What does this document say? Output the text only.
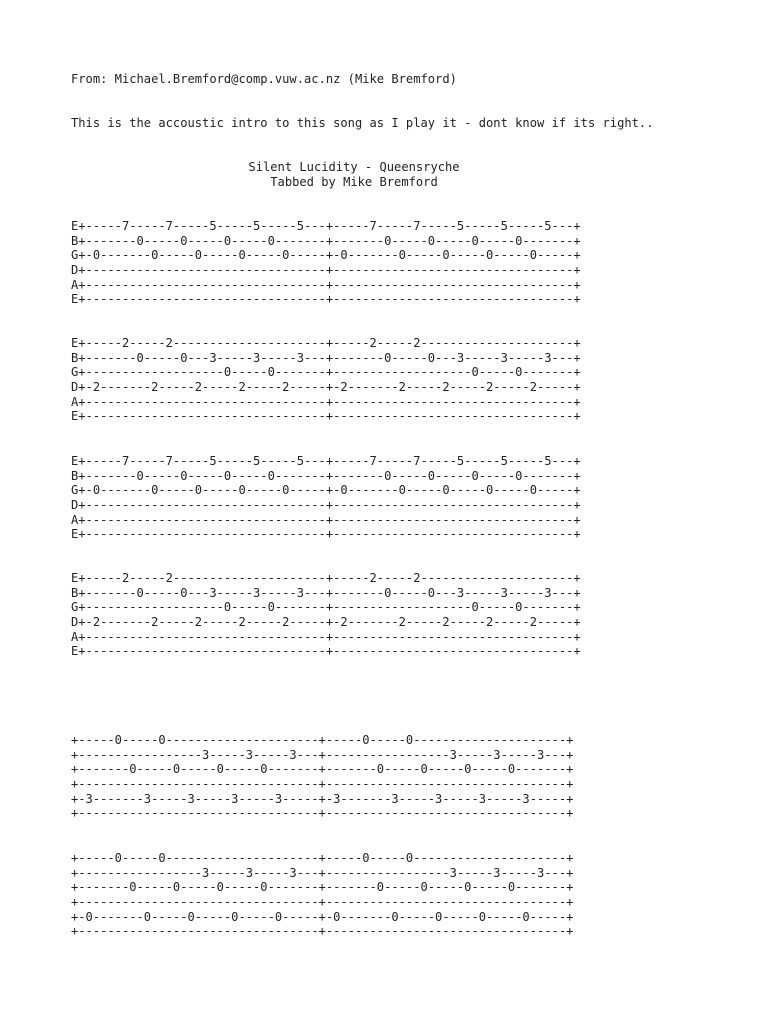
From: Michael.Bremford@comp.vuw.ac.nz (Mike Bremford)
This is the accoustic intro to this song as I play it - dont know if its right..
Silent Lucidity - Queensryche
Tabbed by Mike Bremford
E+-----7-----7-----5-----5-----5---+-----7-----7-----5-----5-----5---+
B+-------0-----0-----0-----0-------+-------0-----0-----0-----0-------+
G+-0-------0-----0-----0-----0-----+-0-------0-----0-----0-----0-----+
D+---------------------------------+---------------------------------+
A+---------------------------------+---------------------------------+
E+---------------------------------+---------------------------------+
E+-----2-----2---------------------+-----2-----2---------------------+
B+-------0-----0---3-----3-----3---+-------0-----0---3-----3-----3---+
G+-------------------0-----0-------+-------------------0-----0-------+
D+-2-------2-----2-----2-----2-----+-2-------2-----2-----2-----2-----+
A+---------------------------------+---------------------------------+
E+---------------------------------+---------------------------------+
E+-----7-----7-----5-----5-----5---+-----7-----7-----5-----5-----5---+
B+-------0-----0-----0-----0-------+-------0-----0-----0-----0-------+
G+-0-------0-----0-----0-----0-----+-0-------0-----0-----0-----0-----+
D+---------------------------------+---------------------------------+
A+---------------------------------+---------------------------------+
E+---------------------------------+---------------------------------+
E+-----2-----2---------------------+-----2-----2---------------------+
B+-------0-----0---3-----3-----3---+-------0-----0---3-----3-----3---+
G+-------------------0-----0-------+-------------------0-----0-------+
D+-2-------2-----2-----2-----2-----+-2-------2-----2-----2-----2-----+
A+---------------------------------+---------------------------------+
E+---------------------------------+---------------------------------+
+-----0-----0---------------------+-----0-----0---------------------+
+-----------------3-----3-----3---+-----------------3-----3-----3---+
+-------0-----0-----0-----0-------+-------0-----0-----0-----0-------+
+---------------------------------+---------------------------------+
+-3-------3-----3-----3-----3-----+-3-------3-----3-----3-----3-----+
+---------------------------------+---------------------------------+
+-----0-----0---------------------+-----0-----0---------------------+
+-----------------3-----3-----3---+-----------------3-----3-----3---+
+-------0-----0-----0-----0-------+-------0-----0-----0-----0-------+
+---------------------------------+---------------------------------+
+-0-------0-----0-----0-----0-----+-0-------0-----0-----0-----0-----+
+---------------------------------+---------------------------------+
